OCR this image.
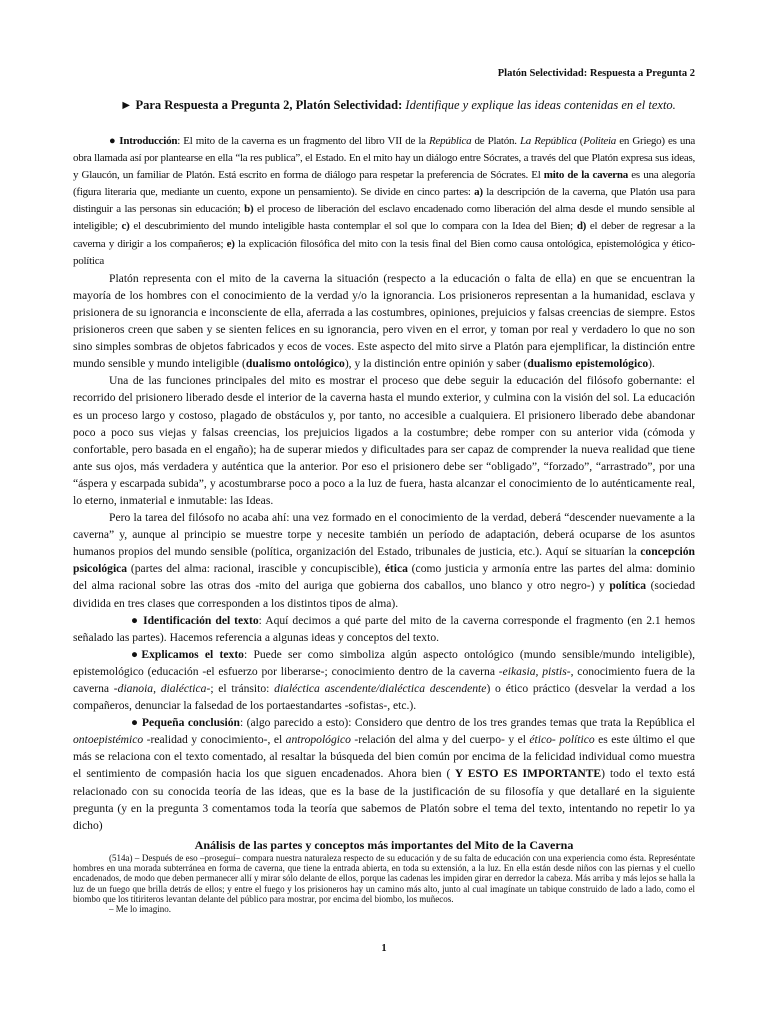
Platón Selectividad: Respuesta a Pregunta 2
► Para Respuesta a Pregunta 2, Platón Selectividad: Identifique y explique las ideas contenidas en el texto.

● Introducción: El mito de la caverna es un fragmento del libro VII de la República de Platón. La República (Politeia en Griego) es una obra llamada así por plantearse en ella “la res publica”, el Estado. En el mito hay un diálogo entre Sócrates, a través del que Platón expresa sus ideas, y Glaucón, un familiar de Platón. Está escrito en forma de diálogo para respetar la preferencia de Sócrates. El mito de la caverna es una alegoría (figura literaria que, mediante un cuento, expone un pensamiento). Se divide en cinco partes: a) la descripción de la caverna, que Platón usa para distinguir a las personas sin educación; b) el proceso de liberación del esclavo encadenado como liberación del alma desde el mundo sensible al inteligible; c) el descubrimiento del mundo inteligible hasta contemplar el sol que lo compara con la Idea del Bien; d) el deber de regresar a la caverna y dirigir a los compañeros; e) la explicación filosófica del mito con la tesis final del Bien como causa ontológica, epistemológica y ético- política

Platón representa con el mito de la caverna la situación (respecto a la educación o falta de ella) en que se encuentran la mayoría de los hombres con el conocimiento de la verdad y/o la ignorancia. Los prisioneros representan a la humanidad, esclava y prisionera de su ignorancia e inconsciente de ella, aferrada a las costumbres, opiniones, prejuicios y falsas creencias de siempre. Estos prisioneros creen que saben y se sienten felices en su ignorancia, pero viven en el error, y toman por real y verdadero lo que no son sino simples sombras de objetos fabricados y ecos de voces. Este aspecto del mito sirve a Platón para ejemplificar, la distinción entre mundo sensible y mundo inteligible (dualismo ontológico), y la distinción entre opinión y saber (dualismo epistemológico).

Una de las funciones principales del mito es mostrar el proceso que debe seguir la educación del filósofo gobernante: el recorrido del prisionero liberado desde el interior de la caverna hasta el mundo exterior, y culmina con la visión del sol. La educación es un proceso largo y costoso, plagado de obstáculos y, por tanto, no accesible a cualquiera. El prisionero liberado debe abandonar poco a poco sus viejas y falsas creencias, los prejuicios ligados a la costumbre; debe romper con su anterior vida (cómoda y confortable, pero basada en el engaño); ha de superar miedos y dificultades para ser capaz de comprender la nueva realidad que tiene ante sus ojos, más verdadera y auténtica que la anterior. Por eso el prisionero debe ser “obligado”, “forzado”, “arrastrado”, por una “áspera y escarpada subida”, y acostumbrarse poco a poco a la luz de fuera, hasta alcanzar el conocimiento de lo auténticamente real, lo eterno, inmaterial e inmutable: las Ideas.

Pero la tarea del filósofo no acaba ahí: una vez formado en el conocimiento de la verdad, deberá “descender nuevamente a la caverna” y, aunque al principio se muestre torpe y necesite también un período de adaptación, deberá ocuparse de los asuntos humanos propios del mundo sensible (política, organización del Estado, tribunales de justicia, etc.). Aquí se situarían la concepción psicológica (partes del alma: racional, irascible y concupiscible), ética (como justicia y armonía entre las partes del alma: dominio del alma racional sobre las otras dos -mito del auriga que gobierna dos caballos, uno blanco y otro negro-) y política (sociedad dividida en tres clases que corresponden a los distintos tipos de alma).

● Identificación del texto: Aquí decimos a qué parte del mito de la caverna corresponde el fragmento (en 2.1 hemos señalado las partes). Hacemos referencia a algunas ideas y conceptos del texto.

●Explicamos el texto: Puede ser como simboliza algún aspecto ontológico (mundo sensible/mundo inteligible), epistemológico (educación -el esfuerzo por liberarse-; conocimiento dentro de la caverna -eikasia, pistis-, conocimiento fuera de la caverna -dianoia, dialéctica-; el tránsito: dialéctica ascendente/dialéctica descendente) o ético práctico (desvelar la verdad a los compañeros, denunciar la falsedad de los portaestandartes -sofistas-, etc.).

● Pequeña conclusión: (algo parecido a esto): Considero que dentro de los tres grandes temas que trata la República el ontoepistémico -realidad y conocimiento-, el antropológico -relación del alma y del cuerpo- y el ético- político es este último el que más se relaciona con el texto comentado, al resaltar la búsqueda del bien común por encima de la felicidad individual como muestra el sentimiento de compasión hacia los que siguen encadenados. Ahora bien ( Y ESTO ES IMPORTANTE) todo el texto está relacionado con su conocida teoría de las ideas, que es la base de la justificación de su filosofía y que detallaré en la siguiente pregunta (y en la pregunta 3 comentamos toda la teoría que sabemos de Platón sobre el tema del texto, intentando no repetir lo ya dicho)

Análisis de las partes y conceptos más importantes del Mito de la Caverna

(514a) – Después de eso –proseguí– compara nuestra naturaleza respecto de su educación y de su falta de educación con una experiencia como ésta. Represéntate hombres en una morada subterránea en forma de caverna, que tiene la entrada abierta, en toda su extensión, a la luz. En ella están desde niños con las piernas y el cuello encadenados, de modo que deben permanecer allí y mirar sólo delante de ellos, porque las cadenas les impiden girar en derredor la cabeza. Más arriba y más lejos se halla la luz de un fuego que brilla detrás de ellos; y entre el fuego y los prisioneros hay un camino más alto, junto al cual imagínate un tabique construido de lado a lado, como el biombo que los titiriteros levantan delante del público para mostrar, por encima del biombo, los muñecos.

– Me lo imagino.

1
